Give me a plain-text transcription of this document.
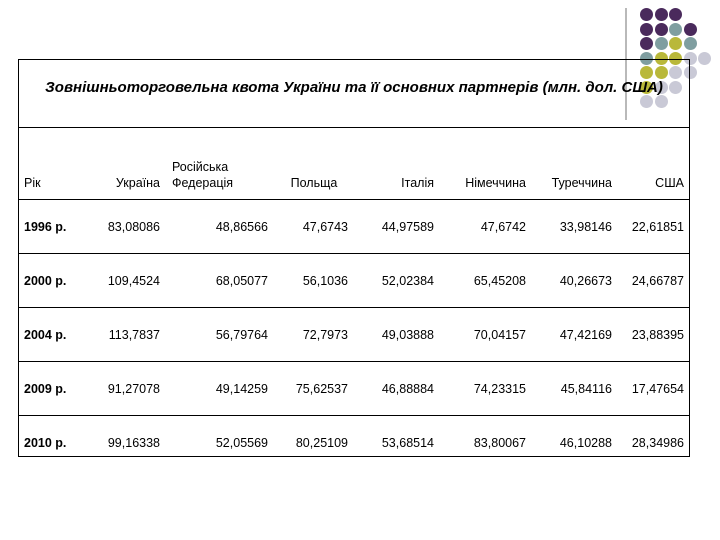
Зовнішньоторговельна квота України та її основних партнерів (млн. дол. США)
Рік	Україна	Російська Федерація	Польща	Італія	Німеччина	Туреччина	США
1996 р.	83,08086	48,86566	47,6743	44,97589	47,6742	33,98146	22,61851
2000 р.	109,4524	68,05077	56,1036	52,02384	65,45208	40,26673	24,66787
2004 р.	113,7837	56,79764	72,7973	49,03888	70,04157	47,42169	23,88395
2009 р.	91,27078	49,14259	75,62537	46,88884	74,23315	45,84116	17,47654
2010 р.	99,16338	52,05569	80,25109	53,68514	83,80067	46,10288	28,34986
